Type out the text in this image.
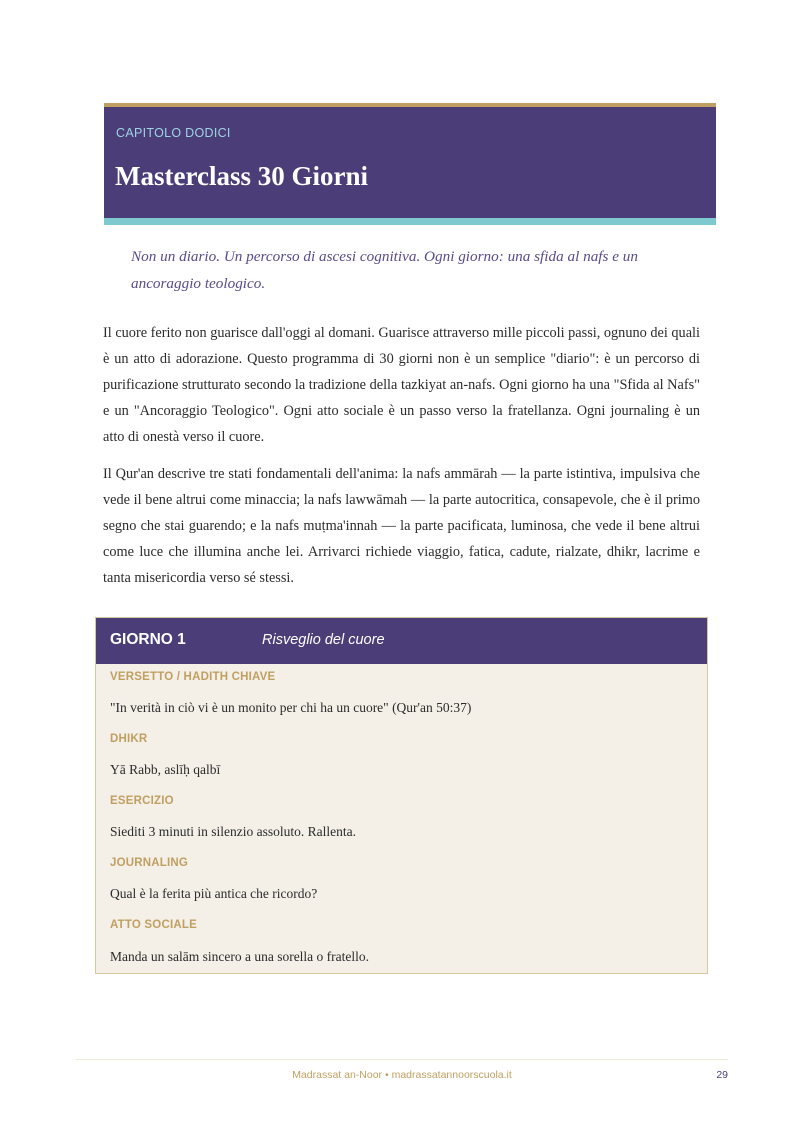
CAPITOLO DODICI
Masterclass 30 Giorni

Non un diario. Un percorso di ascesi cognitiva. Ogni giorno: una sfida al nafs e un ancoraggio teologico.

Il cuore ferito non guarisce dall'oggi al domani. Guarisce attraverso mille piccoli passi, ognuno dei quali è un atto di adorazione. Questo programma di 30 giorni non è un semplice "diario": è un percorso di purificazione strutturato secondo la tradizione della tazkiyat an-nafs. Ogni giorno ha una "Sfida al Nafs" e un "Ancoraggio Teologico". Ogni atto sociale è un passo verso la fratellanza. Ogni journaling è un atto di onestà verso il cuore.

Il Qur'an descrive tre stati fondamentali dell'anima: la nafs ammārah — la parte istintiva, impulsiva che vede il bene altrui come minaccia; la nafs lawwāmah — la parte autocritica, consapevole, che è il primo segno che stai guarendo; e la nafs muṭma'innah — la parte pacificata, luminosa, che vede il bene altrui come luce che illumina anche lei. Arrivarci richiede viaggio, fatica, cadute, rialzate, dhikr, lacrime e tanta misericordia verso sé stessi.

GIORNO 1	Risveglio del cuore
VERSETTO / HADITH CHIAVE
"In verità in ciò vi è un monito per chi ha un cuore" (Qur'an 50:37)
DHIKR
Yā Rabb, aslīḥ qalbī
ESERCIZIO
Siediti 3 minuti in silenzio assoluto. Rallenta.
JOURNALING
Qual è la ferita più antica che ricordo?
ATTO SOCIALE
Manda un salām sincero a una sorella o fratello.
Madrassat an-Noor • madrassatannoorscuola.it	29
